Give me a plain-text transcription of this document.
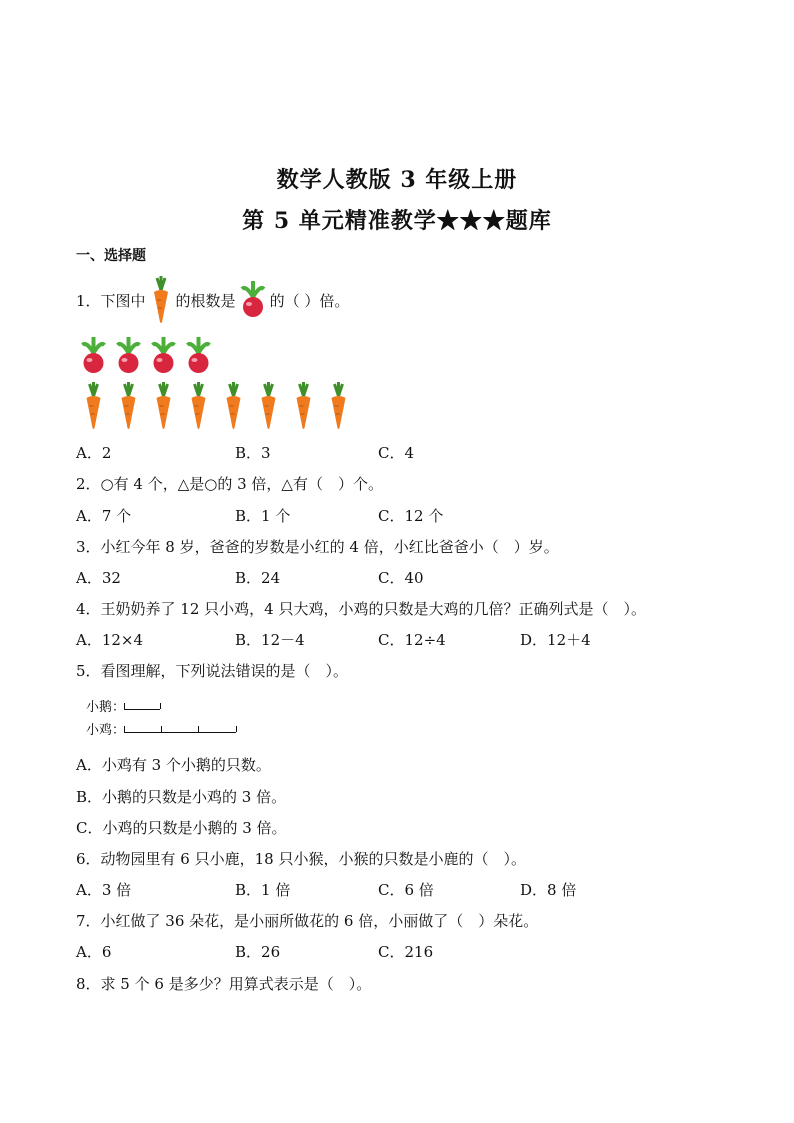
数学人教版 3 年级上册
第 5 单元精准教学★★★题库
一、选择题
1．下图中 的根数是 的（ ）倍。
A．2	B．3	C．4
2．○有 4 个，△是○的 3 倍，△有（　）个。
A．7 个	B．1 个	C．12 个
3．小红今年 8 岁，爸爸的岁数是小红的 4 倍，小红比爸爸小（　）岁。
A．32	B．24	C．40
4．王奶奶养了 12 只小鸡，4 只大鸡，小鸡的只数是大鸡的几倍？正确列式是（　）。
A．12×4	B．12－4	C．12÷4	D．12＋4
5．看图理解，下列说法错误的是（　）。
小鹅：
小鸡：
A．小鸡有 3 个小鹅的只数。
B．小鹅的只数是小鸡的 3 倍。
C．小鸡的只数是小鹅的 3 倍。
6．动物园里有 6 只小鹿，18 只小猴，小猴的只数是小鹿的（　）。
A．3 倍	B．1 倍	C．6 倍	D．8 倍
7．小红做了 36 朵花，是小丽所做花的 6 倍，小丽做了（　）朵花。
A．6	B．26	C．216
8．求 5 个 6 是多少？用算式表示是（　）。
